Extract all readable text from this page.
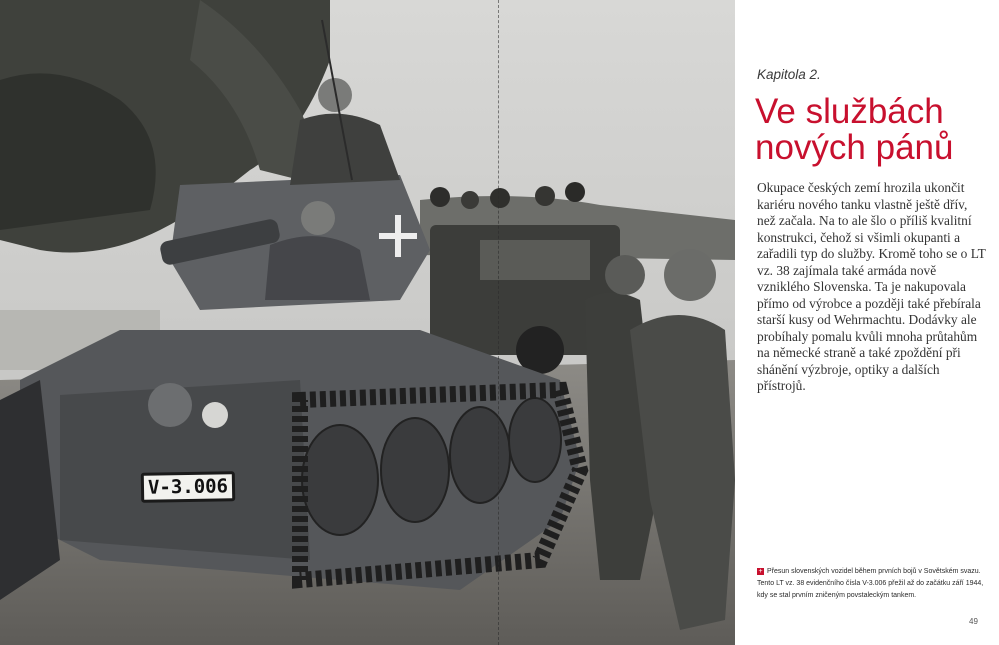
V-3.006
Kapitola 2.
Ve službách
nových pánů
Okupace českých zemí hrozila ukončit kariéru nového tanku vlastně ještě dřív, než začala. Na to ale šlo o příliš kvalitní konstrukci, čehož si všimli okupanti a zařadili typ do služby. Kromě toho se o LT vz. 38 zajímala také armáda nově vzniklého Slovenska. Ta je nakupovala přímo od výrobce a později také přebírala starší kusy od Wehrmachtu. Dodávky ale probíhaly pomalu kvůli mnoha průtahům na německé straně a také zpoždění při shánění výzbroje, optiky a dalších přístrojů.
+ Přesun slovenských vozidel během prvních bojů v Sovětském svazu.
Tento LT vz. 38 evidenčního čísla V-3.006 přežil až do začátku září 1944,
kdy se stal prvním zničeným povstaleckým tankem.
49
